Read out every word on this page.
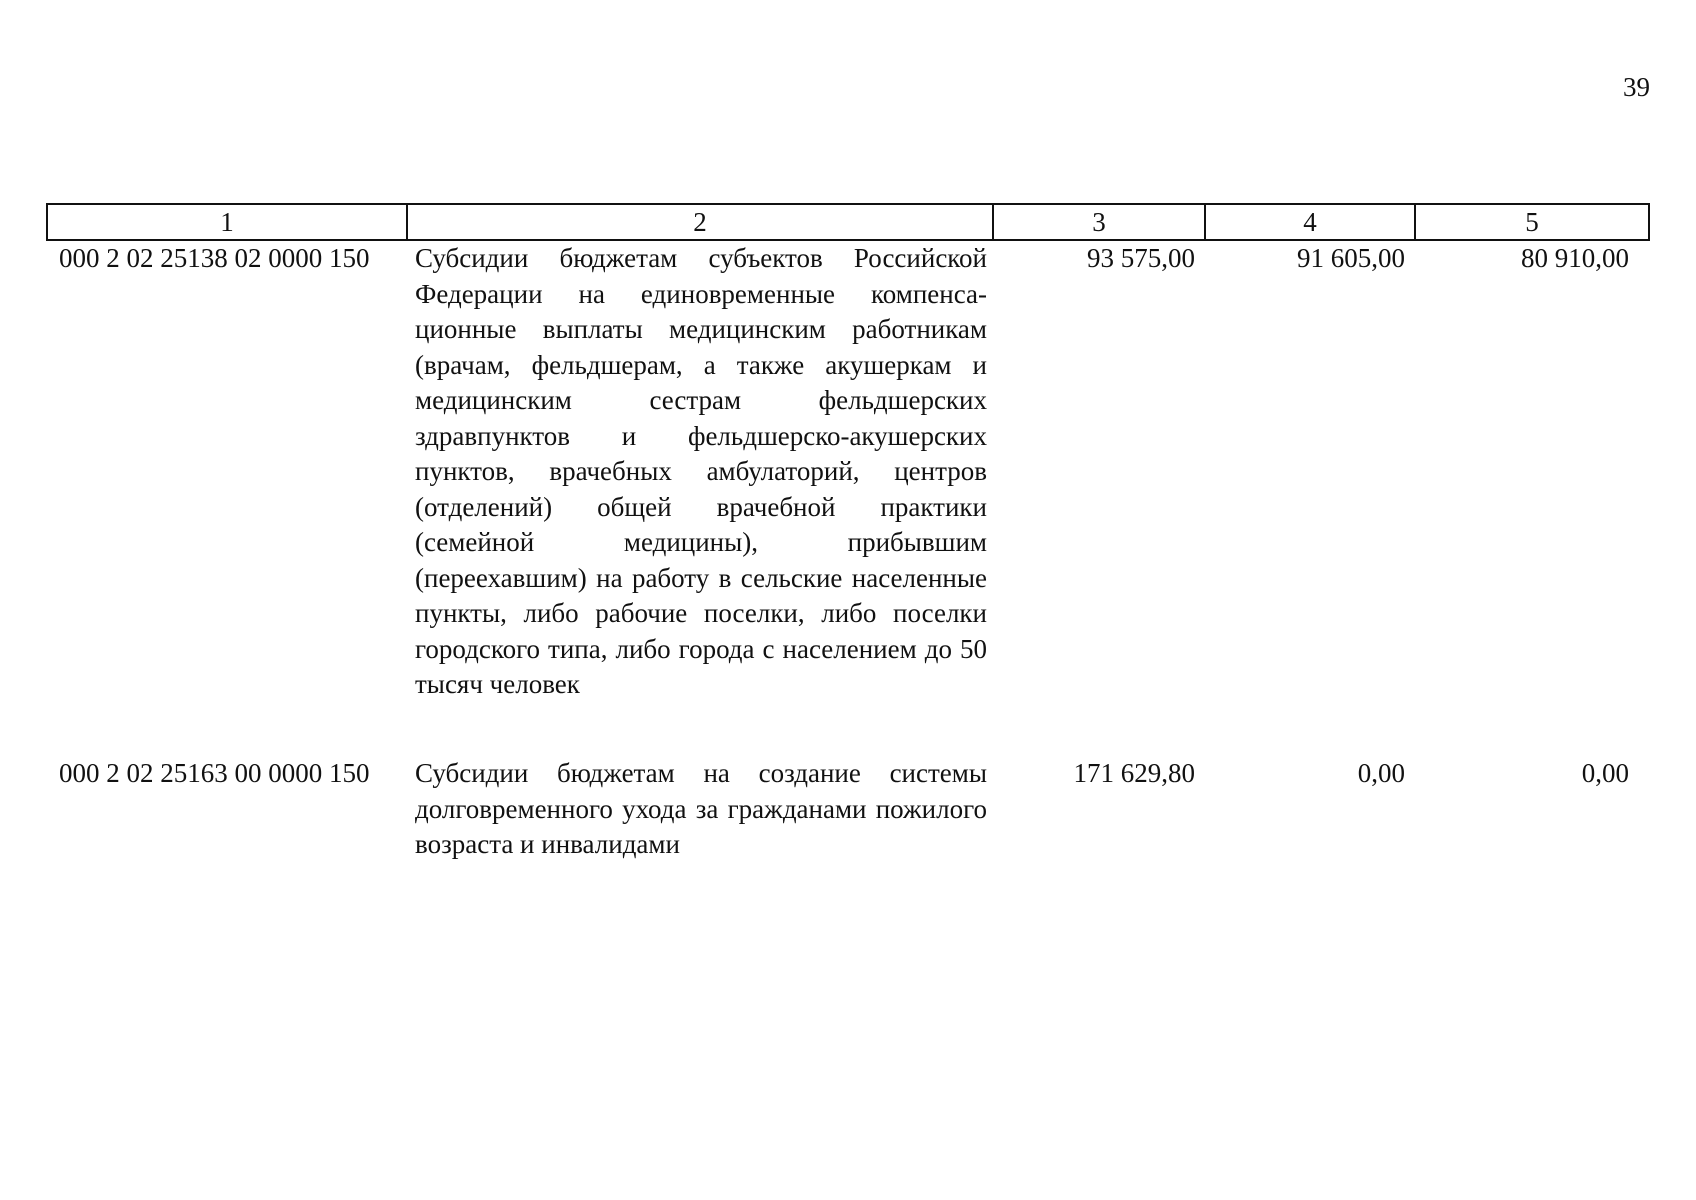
39
1	2	3	4	5
000 2 02 25138 02 0000 150	Субсидии бюджетам субъектов Российской Федерации на единовременные компенса-ционные выплаты медицинским работникам (врачам, фельдшерам, а также акушеркам и медицинским сестрам фельдшерских здравпунктов и фельдшерско-акушерских пунктов, врачебных амбулаторий, центров (отделений) общей врачебной практики (семейной медицины), прибывшим (переехавшим) на работу в сельские населенные пункты, либо рабочие поселки, либо поселки городского типа, либо города с населением до 50 тысяч человек	93 575,00	91 605,00	80 910,00
000 2 02 25163 00 0000 150	Субсидии бюджетам на создание системы долговременного ухода за гражданами пожилого возраста и инвалидами	171 629,80	0,00	0,00
